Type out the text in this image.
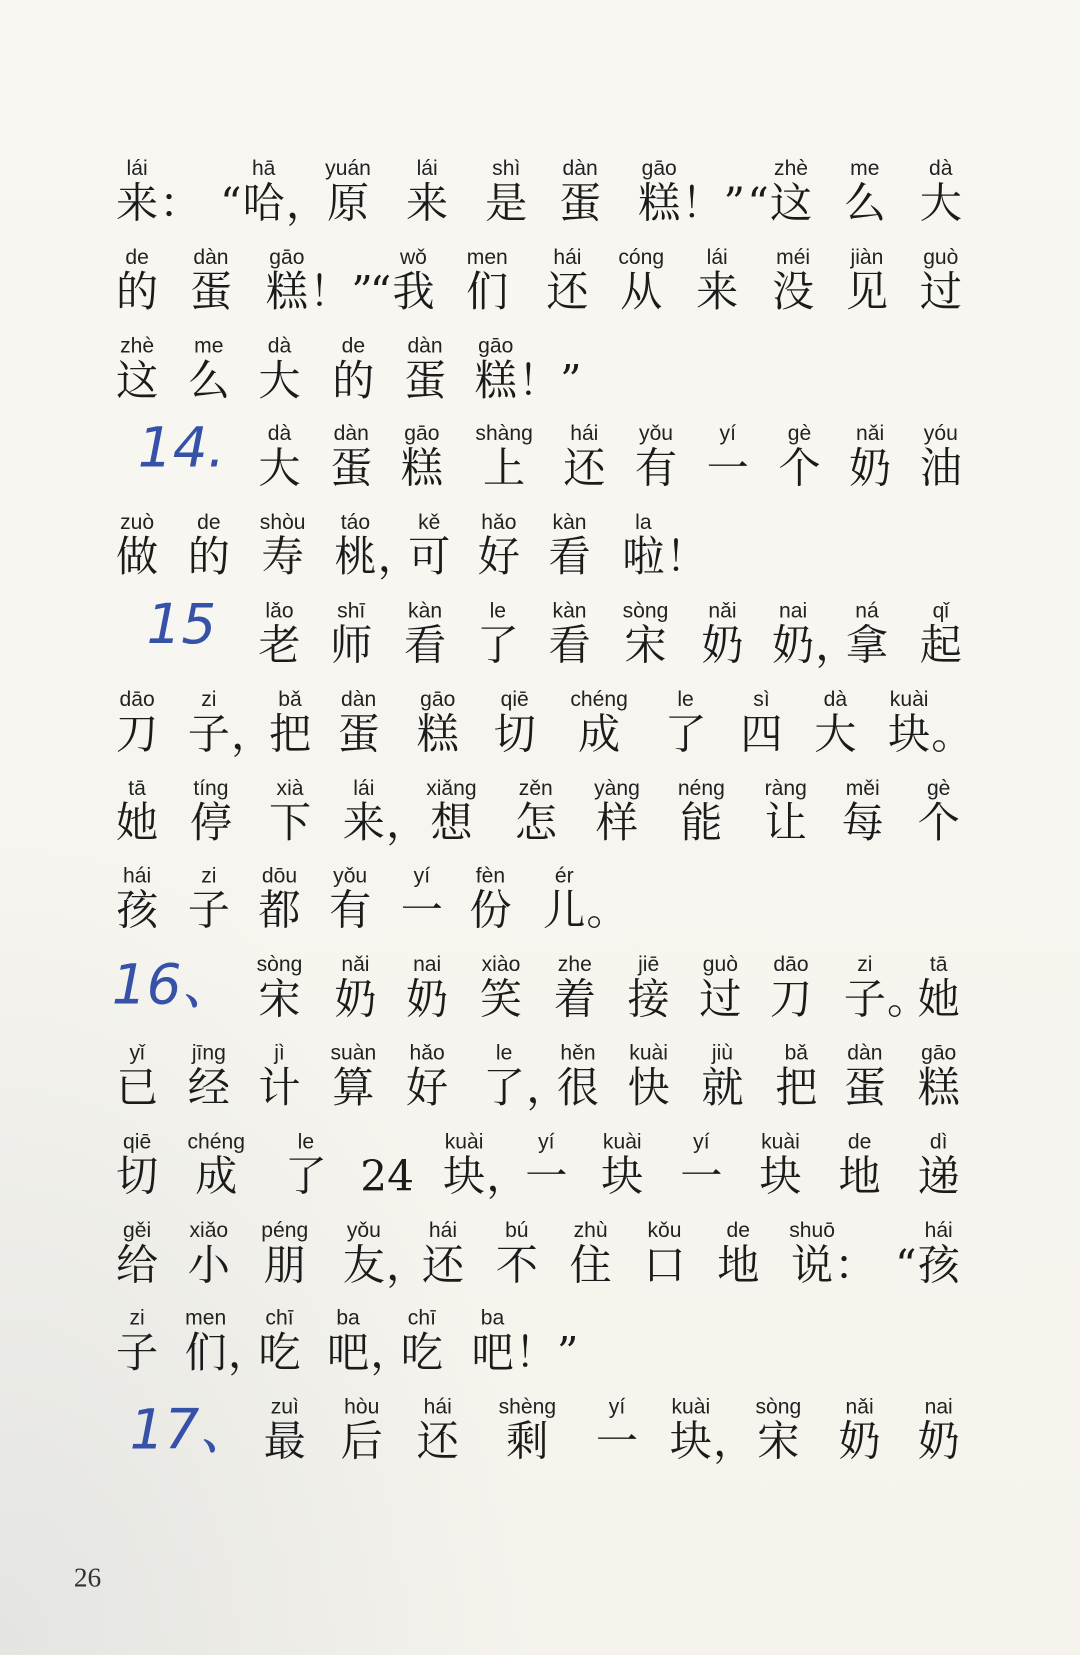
lái
来 ：
hā
哈
“ ，
yuán
原
lái
来
shì
是
dàn
蛋
gāo
糕 ！”
zhè
这
“
me
么
dà
大
de
的
dàn
蛋
gāo
糕 ！”
wǒ
我
“
men
们
hái
还
cóng
从
lái
来
méi
没
jiàn
见
guò
过
zhè
这
me
么
dà
大
de
的
dàn
蛋
gāo
糕 ！”
dà
大
dàn
蛋
gāo
糕
shàng
上
hái
还
yǒu
有
yí
一
gè
个
nǎi
奶
yóu
油
14.
zuò
做
de
的
shòu
寿
táo
桃 ，
kě
可
hǎo
好
kàn
看
la
啦 ！
lǎo
老
shī
师
kàn
看
le
了
kàn
看
sòng
宋
nǎi
奶
nai
奶 ，
ná
拿
qǐ
起
15
dāo
刀
zi
子 ，
bǎ
把
dàn
蛋
gāo
糕
qiē
切
chéng
成
le
了
sì
四
dà
大
kuài
块 。
tā
她
tíng
停
xià
下
lái
来 ，
xiǎng
想
zěn
怎
yàng
样
néng
能
ràng
让
měi
每
gè
个
hái
孩
zi
子
dōu
都
yǒu
有
yí
一
fèn
份
ér
儿 。
sòng
宋
nǎi
奶
nai
奶
xiào
笑
zhe
着
jiē
接
guò
过
dāo
刀
zi
子 。
tā
她
16、
yǐ
已
jīng
经
jì
计
suàn
算
hǎo
好
le
了 ，
hěn
很
kuài
快
jiù
就
bǎ
把
dàn
蛋
gāo
糕
qiē
切
chéng
成
le
了 24
kuài
块 ，
yí
一
kuài
块
yí
一
kuài
块
de
地
dì
递
gěi
给
xiǎo
小
péng
朋
yǒu
友 ，
hái
还
bú
不
zhù
住
kǒu
口
de
地
shuō
说 ：
hái
孩
“
zi
子
men
们 ，
chī
吃
ba
吧 ，
chī
吃
ba
吧 ！”
zuì
最
hòu
后
hái
还
shèng
剩
yí
一
kuài
块 ，
sòng
宋
nǎi
奶
nai
奶
17、
26
